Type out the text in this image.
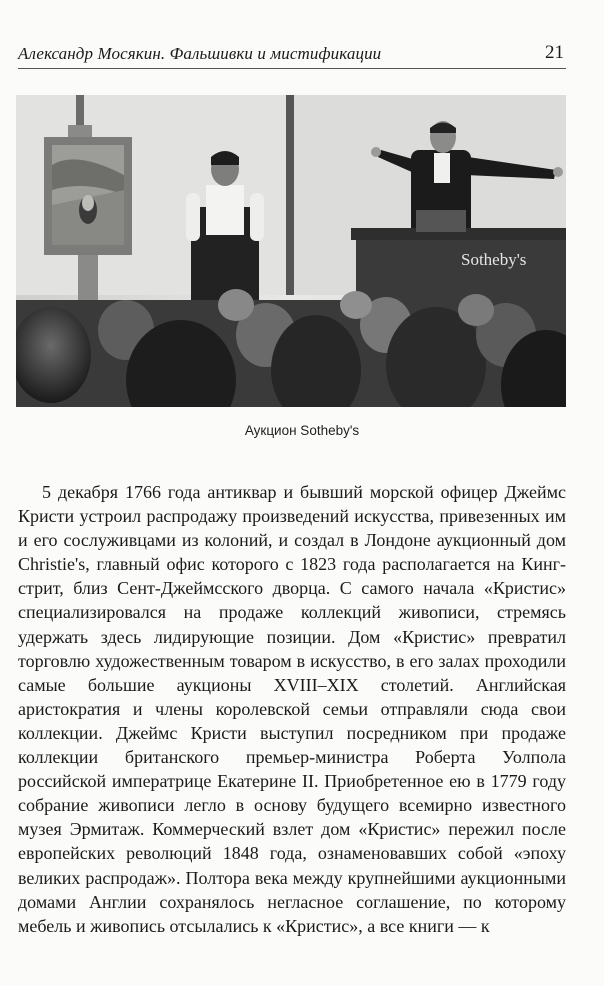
Александр Мосякин. Фальшивки и мистификации	21
Sotheby's
Аукцион Sotheby's

5 декабря 1766 года антиквар и бывший морской офицер Джеймс Кристи устроил распродажу произведений искусства, привезенных им и его сослуживцами из колоний, и создал в Лондоне аукционный дом Christie's, главный офис которого с 1823 года располагается на Кинг-стрит, близ Сент-Джеймсского дворца. С самого начала «Кристис» специализировался на продаже коллекций живописи, стремясь удержать здесь лидирующие позиции. Дом «Кристис» превратил торговлю художественным товаром в искусство, в его залах проходили самые большие аукционы XVIII–XIX столетий. Английская аристократия и члены королевской семьи отправляли сюда свои коллекции. Джеймс Кристи выступил посредником при продаже коллекции британского премьер-министра Роберта Уолпола российской императрице Екатерине II. Приобретенное ею в 1779 году собрание живописи легло в основу будущего всемирно известного музея Эрмитаж. Коммерческий взлет дом «Кристис» пережил после европейских революций 1848 года, ознаменовавших собой «эпоху великих распродаж». Полтора века между крупнейшими аукционными домами Англии сохранялось негласное соглашение, по которому мебель и живопись отсылались к «Кристис», а все книги — к
